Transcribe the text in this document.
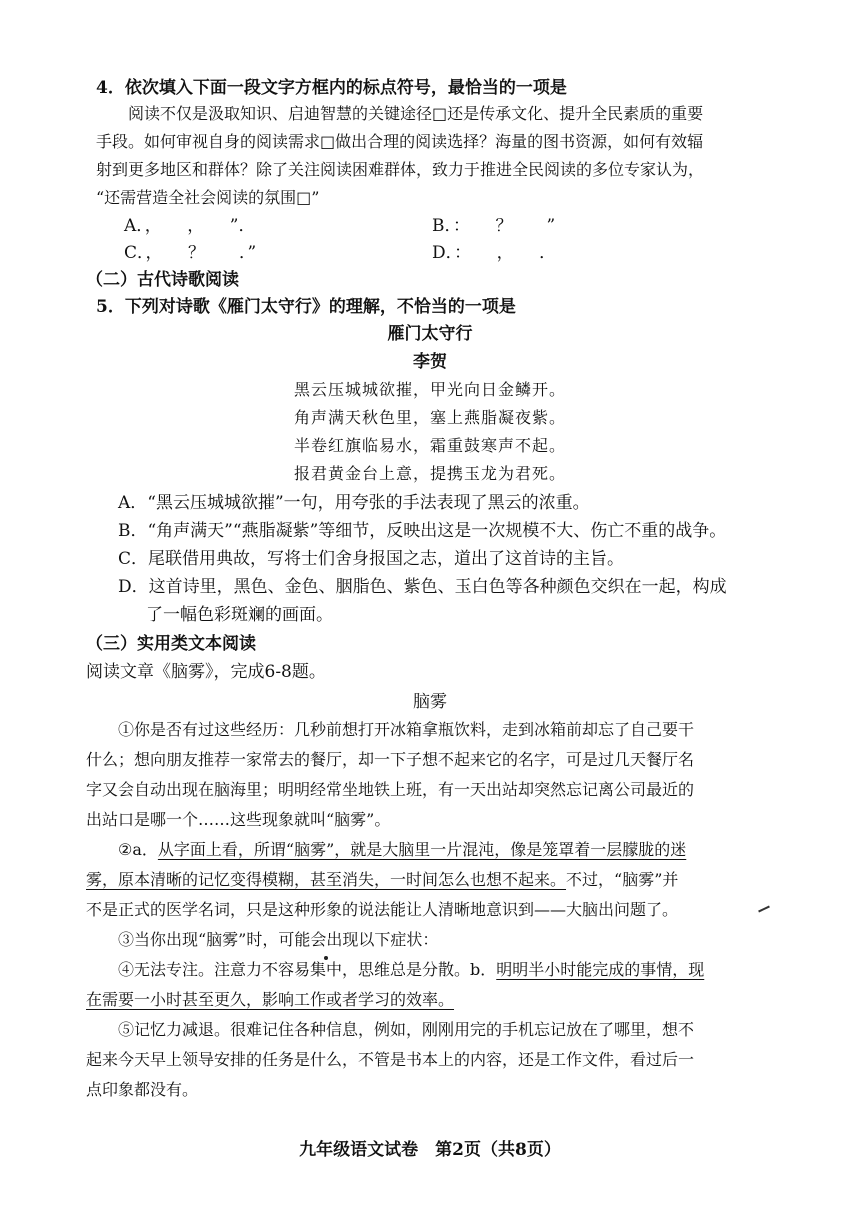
4．依次填入下面一段文字方框内的标点符号，最恰当的一项是
阅读不仅是汲取知识、启迪智慧的关键途径□还是传承文化、提升全民素质的重要
手段。如何审视自身的阅读需求□做出合理的阅读选择？海量的图书资源，如何有效辐
射到更多地区和群体？除了关注阅读困难群体，致力于推进全民阅读的多位专家认为，
“还需营造全社会阅读的氛围□”
A．，　　，　　”．	B．：　　？　　”
C．，　　？　　．”	D．：　　，　　．
（二）古代诗歌阅读
5．下列对诗歌《雁门太守行》的理解，不恰当的一项是
雁门太守行
李贺
黑云压城城欲摧，甲光向日金鳞开。
角声满天秋色里，塞上燕脂凝夜紫。
半卷红旗临易水，霜重鼓寒声不起。
报君黄金台上意，提携玉龙为君死。
A．“黑云压城城欲摧”一句，用夸张的手法表现了黑云的浓重。
B．“角声满天”“燕脂凝紫”等细节，反映出这是一次规模不大、伤亡不重的战争。
C．尾联借用典故，写将士们舍身报国之志，道出了这首诗的主旨。
D．这首诗里，黑色、金色、胭脂色、紫色、玉白色等各种颜色交织在一起，构成
了一幅色彩斑斓的画面。
（三）实用类文本阅读
阅读文章《脑雾》，完成6-8题。
脑雾
①你是否有过这些经历：几秒前想打开冰箱拿瓶饮料，走到冰箱前却忘了自己要干
什么；想向朋友推荐一家常去的餐厅，却一下子想不起来它的名字，可是过几天餐厅名
字又会自动出现在脑海里；明明经常坐地铁上班，有一天出站却突然忘记离公司最近的
出站口是哪一个……这些现象就叫“脑雾”。
②a．从字面上看，所谓“脑雾”，就是大脑里一片混沌，像是笼罩着一层朦胧的迷
雾，原本清晰的记忆变得模糊，甚至消失，一时间怎么也想不起来。不过，“脑雾”并
不是正式的医学名词，只是这种形象的说法能让人清晰地意识到——大脑出问题了。
③当你出现“脑雾”时，可能会出现以下症状：
④无法专注。注意力不容易集中，思维总是分散。b．明明半小时能完成的事情，现
在需要一小时甚至更久，影响工作或者学习的效率。
⑤记忆力减退。很难记住各种信息，例如，刚刚用完的手机忘记放在了哪里，想不
起来今天早上领导安排的任务是什么，不管是书本上的内容，还是工作文件，看过后一
点印象都没有。
九年级语文试卷　第2页（共8页）
